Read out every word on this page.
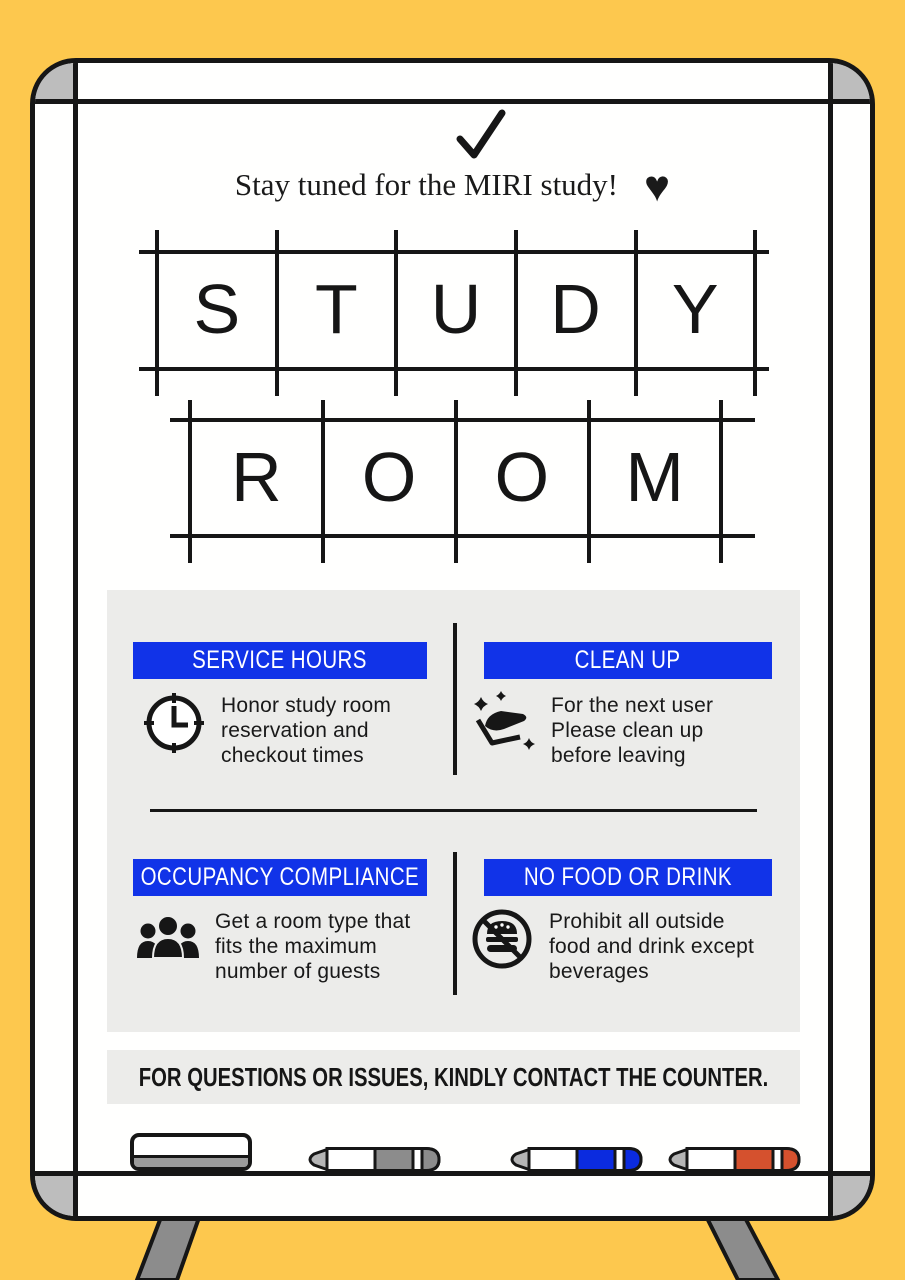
Stay tuned for the MIRI study! ♥
S	T	U D	Y
R	O	O	M
SERVICE HOURS	CLEAN UP
Honor study room
reservation and
checkout times
For the next user
Please clean up
before leaving
OCCUPANCY COMPLIANCE	NO FOOD OR DRINK
Get a room type that
fits the maximum
number of guests
Prohibit all outside
food and drink except
beverages
FOR QUESTIONS OR ISSUES, KINDLY CONTACT THE COUNTER.
